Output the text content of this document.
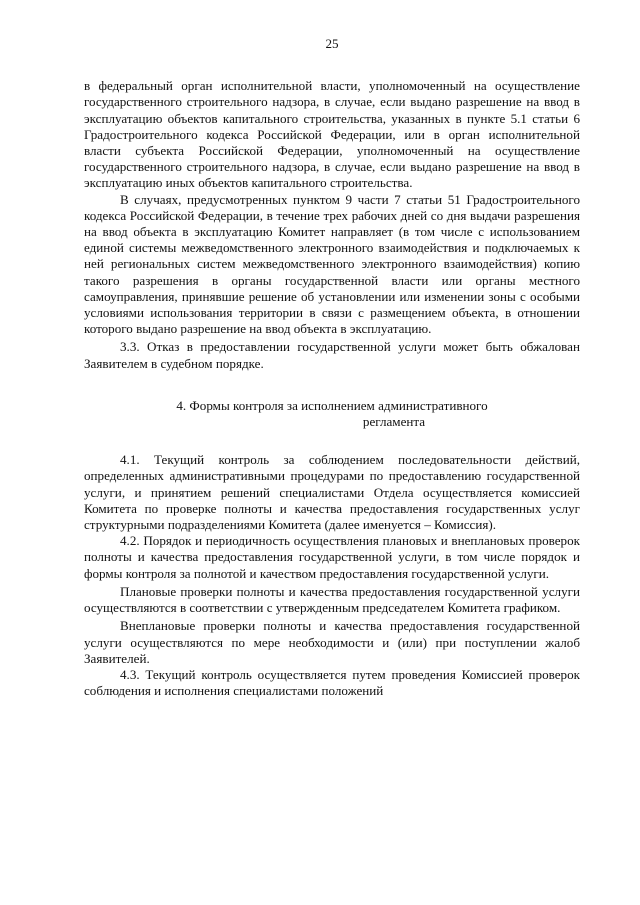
25

в федеральный орган исполнительной власти, уполномоченный на осуществление государственного строительного надзора, в случае, если выдано разрешение на ввод в эксплуатацию объектов капитального строительства, указанных в пункте 5.1 статьи 6 Градостроительного кодекса Российской Федерации, или в орган исполнительной власти субъекта Российской Федерации, уполномоченный на осуществление государственного строительного надзора, в случае, если выдано разрешение на ввод в эксплуатацию иных объектов капитального строительства.

В случаях, предусмотренных пунктом 9 части 7 статьи 51 Градостроительного кодекса Российской Федерации, в течение трех рабочих дней со дня выдачи разрешения на ввод объекта в эксплуатацию Комитет направляет (в том числе с использованием единой системы межведомственного электронного взаимодействия и подключаемых к ней региональных систем межведомственного электронного взаимодействия) копию такого разрешения в органы государственной власти или органы местного самоуправления, принявшие решение об установлении или изменении зоны с особыми условиями использования территории в связи с размещением объекта, в отношении которого выдано разрешение на ввод объекта в эксплуатацию.

3.3. Отказ в предоставлении государственной услуги может быть обжалован Заявителем в судебном порядке.

4. Формы контроля за исполнением административного
регламента

4.1. Текущий контроль за соблюдением последовательности действий, определенных административными процедурами по предоставлению государственной услуги, и принятием решений специалистами Отдела осуществляется комиссией Комитета по проверке полноты и качества предоставления государственных услуг структурными подразделениями Комитета (далее именуется – Комиссия).

4.2. Порядок и периодичность осуществления плановых и внеплановых проверок полноты и качества предоставления государственной услуги, в том числе порядок и формы контроля за полнотой и качеством предоставления государственной услуги.

Плановые проверки полноты и качества предоставления государственной услуги осуществляются в соответствии с утвержденным председателем Комитета графиком.

Внеплановые проверки полноты и качества предоставления государственной услуги осуществляются по мере необходимости и (или) при поступлении жалоб Заявителей.

4.3. Текущий контроль осуществляется путем проведения Комиссией проверок соблюдения и исполнения специалистами положений
